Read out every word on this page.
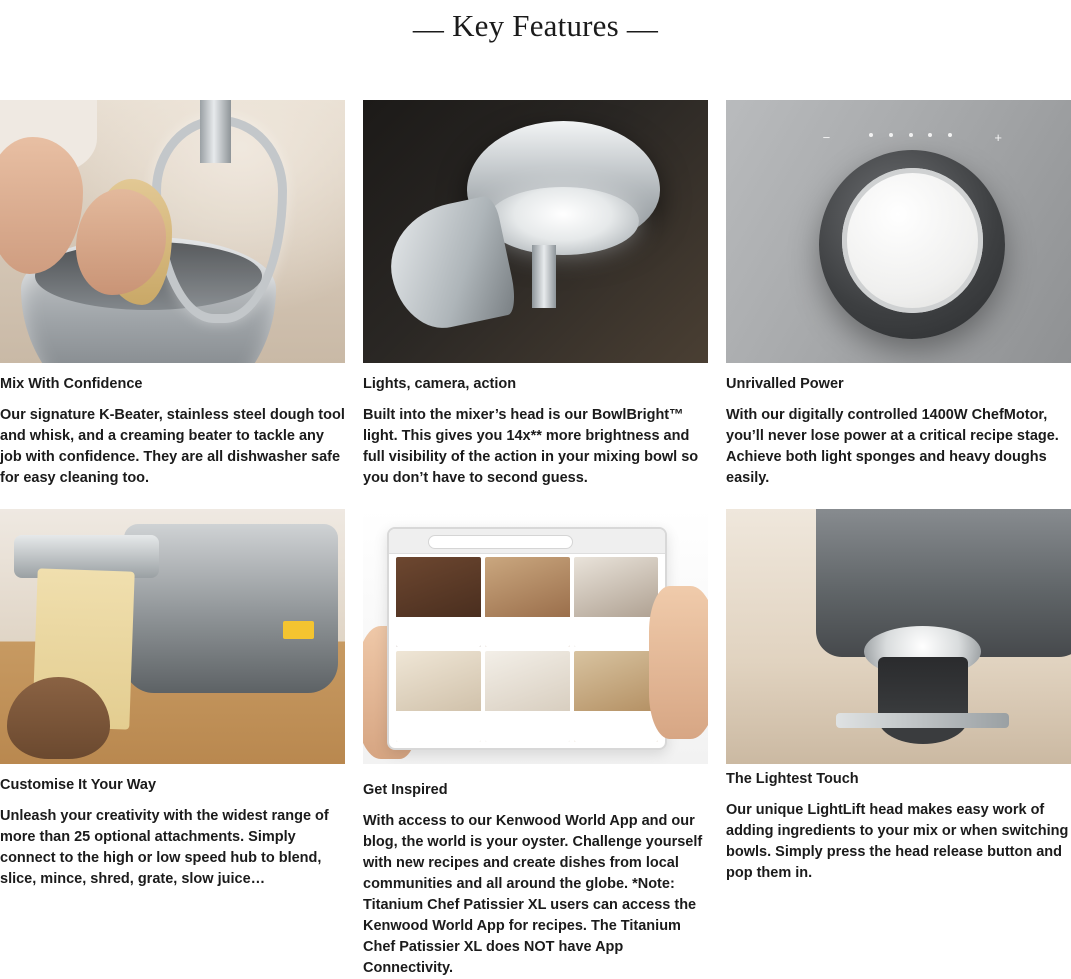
— Key Features —
Mix With Confidence

Our signature K-Beater, stainless steel dough tool and whisk, and a creaming beater to tackle any job with confidence. They are all dishwasher safe for easy cleaning too.

Lights, camera, action

Built into the mixer’s head is our BowlBright™ light. This gives you 14x** more brightness and full visibility of the action in your mixing bowl so you don’t have to second guess.

−	+
Unrivalled Power

With our digitally controlled 1400W ChefMotor, you’ll never lose power at a critical recipe stage. Achieve both light sponges and heavy doughs easily.

Customise It Your Way

Unleash your creativity with the widest range of more than 25 optional attachments. Simply connect to the high or low speed hub to blend, slice, mince, shred, grate, slow juice…

Get Inspired

With access to our Kenwood World App and our blog, the world is your oyster. Challenge yourself with new recipes and create dishes from local communities and all around the globe. *Note: Titanium Chef Patissier XL users can access the Kenwood World App for recipes. The Titanium Chef Patissier XL does NOT have App Connectivity.

The Lightest Touch

Our unique LightLift head makes easy work of adding ingredients to your mix or when switching bowls. Simply press the head release button and pop them in.
